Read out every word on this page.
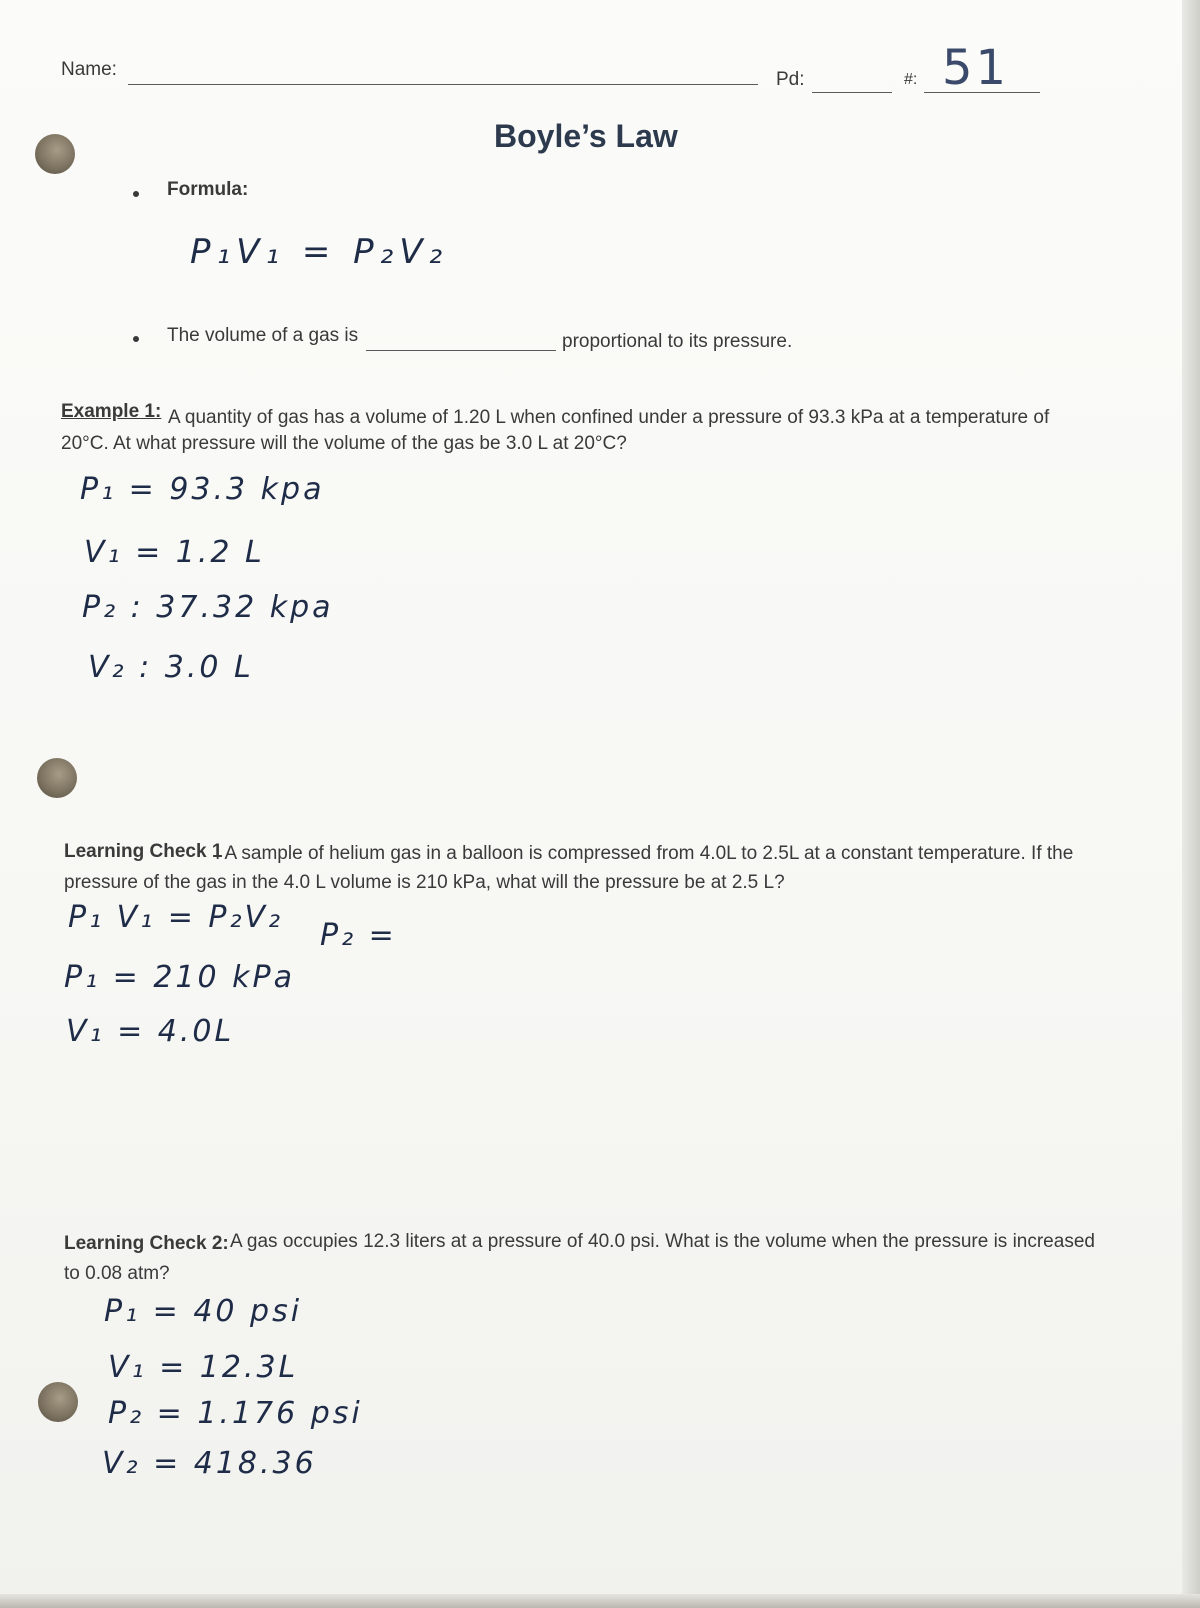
Name:	Pd:	#: 51
Boyle’s Law
Formula:
P₁V₁ = P₂V₂
The volume of a gas is	proportional to its pressure.
Example 1: A quantity of gas has a volume of 1.20 L when confined under a pressure of 93.3 kPa at a temperature of
20°C. At what pressure will the volume of the gas be 3.0 L at 20°C?
P₁ = 93.3 kpa
V₁ = 1.2 L
P₂ : 37.32 kpa
V₂ : 3.0 L
Learning Check 1
: A sample of helium gas in a balloon is compressed from 4.0L to 2.5L at a constant temperature. If the
pressure of the gas in the 4.0 L volume is 210 kPa, what will the pressure be at 2.5 L?
P₁ V₁ = P₂V₂
P₂ =
P₁ = 210 kPa
V₁ = 4.0L
Learning Check 2: A gas occupies 12.3 liters at a pressure of 40.0 psi. What is the volume when the pressure is increased
to 0.08 atm?
P₁ = 40 psi
V₁ = 12.3L
P₂ = 1.176 psi
V₂ = 418.36
